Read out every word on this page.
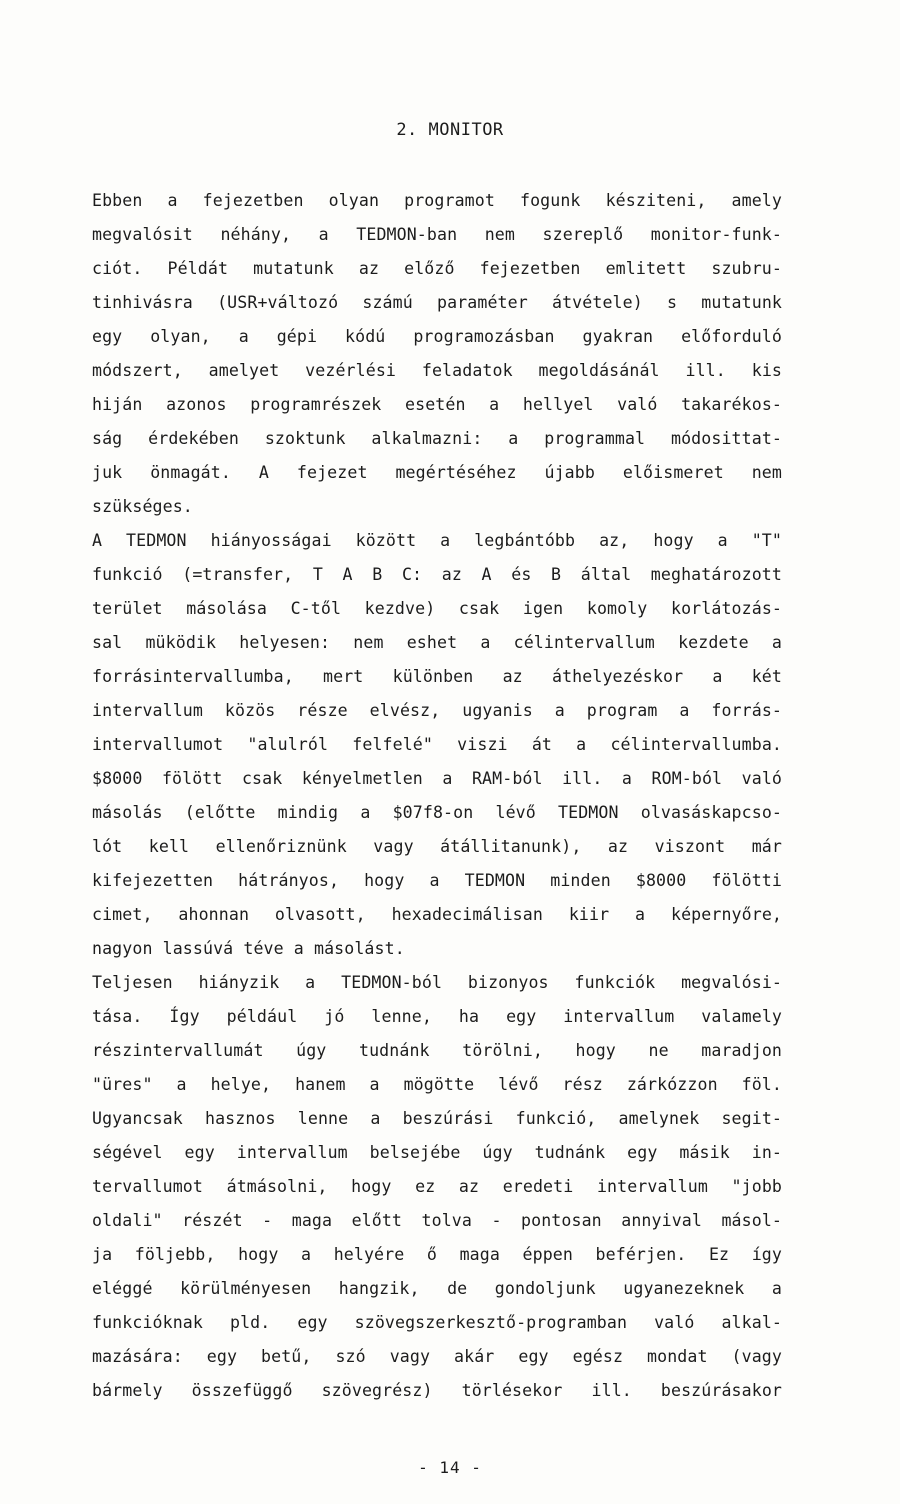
2. MONITOR
Ebben a fejezetben olyan programot fogunk késziteni, amely
megvalósit néhány, a TEDMON-ban nem szereplő monitor-funk-
ciót. Példát mutatunk az előző fejezetben emlitett szubru-
tinhivásra (USR+változó számú paraméter átvétele) s mutatunk
egy olyan, a gépi kódú programozásban gyakran előforduló
módszert, amelyet vezérlési feladatok megoldásánál ill. kis
hiján azonos programrészek esetén a hellyel való takarékos-
ság érdekében szoktunk alkalmazni: a programmal módosittat-
juk önmagát. A fejezet megértéséhez újabb előismeret nem
szükséges.
A TEDMON hiányosságai között a legbántóbb az, hogy a "T"
funkció (=transfer, T A B C: az A és B által meghatározott
terület másolása C-től kezdve) csak igen komoly korlátozás-
sal müködik helyesen: nem eshet a célintervallum kezdete a
forrásintervallumba, mert különben az áthelyezéskor a két
intervallum közös része elvész, ugyanis a program a forrás-
intervallumot "alulról felfelé" viszi át a célintervallumba.
$8000 fölött csak kényelmetlen a RAM-ból ill. a ROM-ból való
másolás (előtte mindig a $07f8-on lévő TEDMON olvasáskapcso-
lót kell ellenőriznünk vagy átállitanunk), az viszont már
kifejezetten hátrányos, hogy a TEDMON minden $8000 fölötti
cimet, ahonnan olvasott, hexadecimálisan kiir a képernyőre,
nagyon lassúvá téve a másolást.
Teljesen hiányzik a TEDMON-ból bizonyos funkciók megvalósi-
tása. Így például jó lenne, ha egy intervallum valamely
részintervallumát úgy tudnánk törölni, hogy ne maradjon
"üres" a helye, hanem a mögötte lévő rész zárkózzon föl.
Ugyancsak hasznos lenne a beszúrási funkció, amelynek segit-
ségével egy intervallum belsejébe úgy tudnánk egy másik in-
tervallumot átmásolni, hogy ez az eredeti intervallum "jobb
oldali" részét - maga előtt tolva - pontosan annyival másol-
ja följebb, hogy a helyére ő maga éppen beférjen. Ez így
eléggé körülményesen hangzik, de gondoljunk ugyanezeknek a
funkcióknak pld. egy szövegszerkesztő-programban való alkal-
mazására: egy betű, szó vagy akár egy egész mondat (vagy
bármely összefüggő szövegrész) törlésekor ill. beszúrásakor
- 14 -
